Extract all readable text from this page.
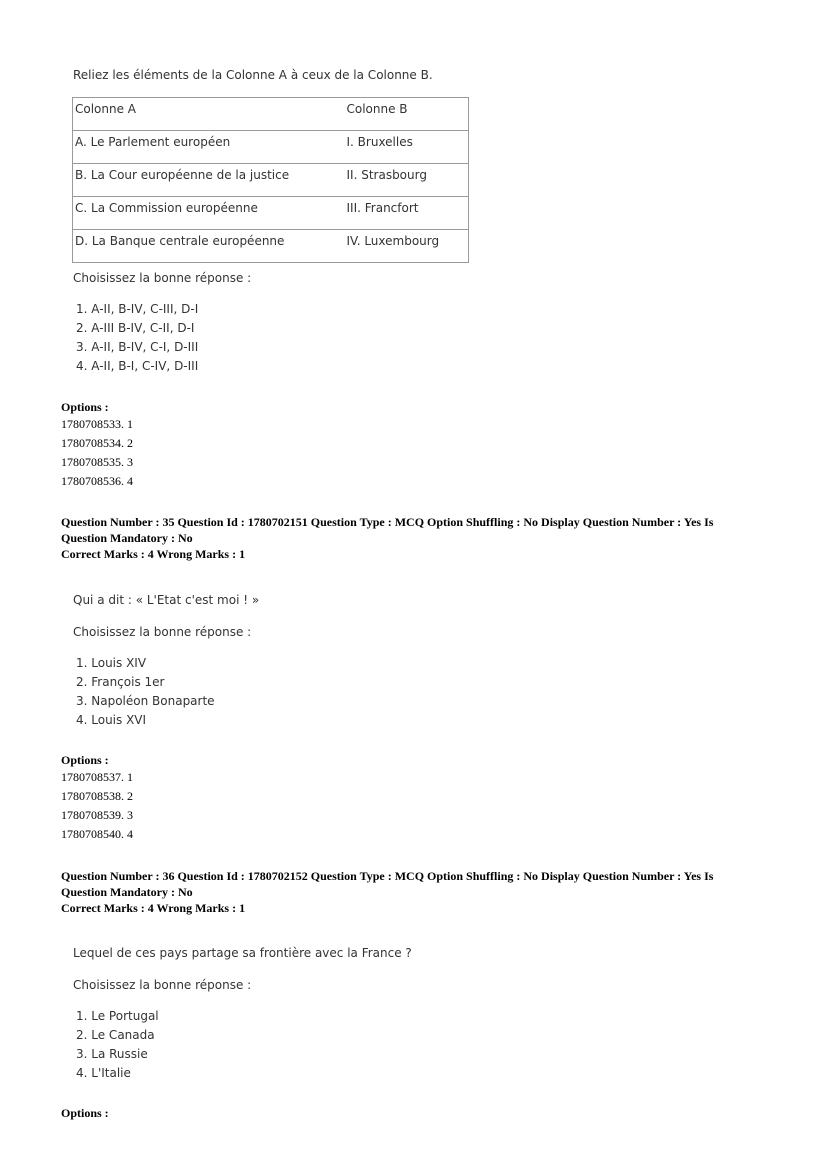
Reliez les éléments de la Colonne A à ceux de la Colonne B.
Colonne A	Colonne B
A. Le Parlement européen	I. Bruxelles
B. La Cour européenne de la justice	II. Strasbourg
C. La Commission européenne	III. Francfort
D. La Banque centrale européenne	IV. Luxembourg
Choisissez la bonne réponse :
1. A-II, B-IV, C-III, D-I
2. A-III B-IV, C-II, D-I
3. A-II, B-IV, C-I, D-III
4. A-II, B-I, C-IV, D-III
Options :
1780708533. 1
1780708534. 2
1780708535. 3
1780708536. 4
Question Number : 35 Question Id : 1780702151 Question Type : MCQ Option Shuffling : No Display Question Number : Yes Is
Question Mandatory : No
Correct Marks : 4 Wrong Marks : 1
Qui a dit : « L'Etat c'est moi ! »
Choisissez la bonne réponse :
1. Louis XIV
2. François 1er
3. Napoléon Bonaparte
4. Louis XVI
Options :
1780708537. 1
1780708538. 2
1780708539. 3
1780708540. 4
Question Number : 36 Question Id : 1780702152 Question Type : MCQ Option Shuffling : No Display Question Number : Yes Is
Question Mandatory : No
Correct Marks : 4 Wrong Marks : 1
Lequel de ces pays partage sa frontière avec la France ?
Choisissez la bonne réponse :
1. Le Portugal
2. Le Canada
3. La Russie
4. L'Italie
Options :
